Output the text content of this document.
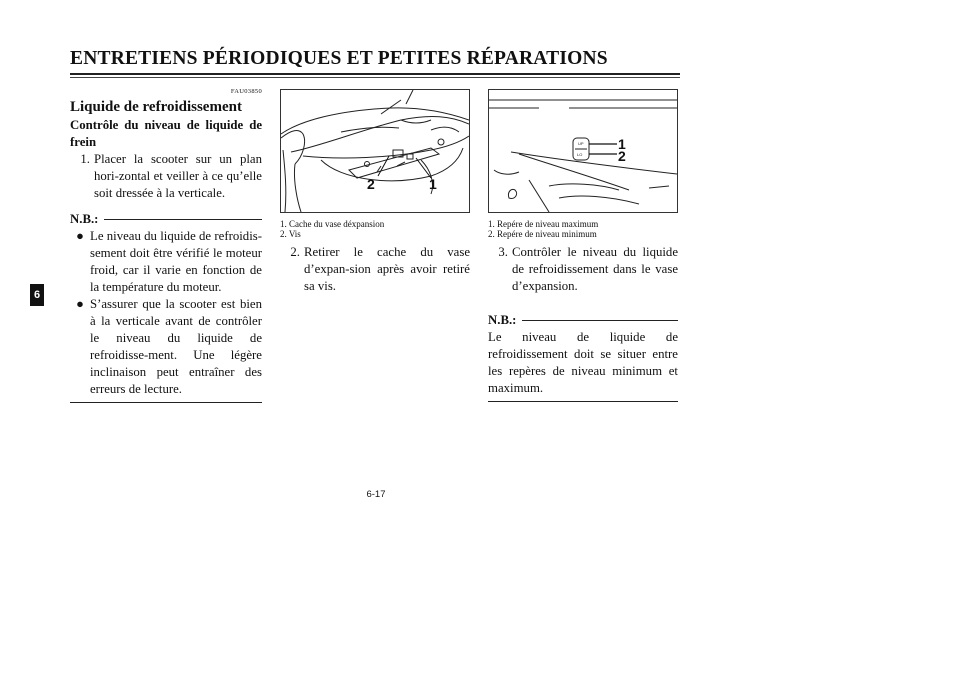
ENTRETIENS PÉRIODIQUES ET PETITES RÉPARATIONS
6
FAU03850
Liquide de refroidissement
Contrôle du niveau de liquide de frein
1. Placer la scooter sur un plan hori-zontal et veiller à ce qu’elle soit dressée à la verticale.
N.B.:
● Le niveau du liquide de refroidis-sement doit être vérifié le moteur froid, car il varie en fonction de la température du moteur.
● S’assurer que la scooter est bien à la verticale avant de contrôler le niveau du liquide de refroidisse-ment. Une légère inclinaison peut entraîner des erreurs de lecture.
2	1
1. Cache du vase déxpansion
2. Vis
UP
LO
1
2
1. Repére de niveau maximum
2. Repére de niveau minimum
2. Retirer le cache du vase d’expan-sion après avoir retiré sa vis.
3. Contrôler le niveau du liquide de refroidissement dans le vase d’expansion.
N.B.:
Le niveau de liquide de refroidissement doit se situer entre les repères de niveau minimum et maximum.
6-17
